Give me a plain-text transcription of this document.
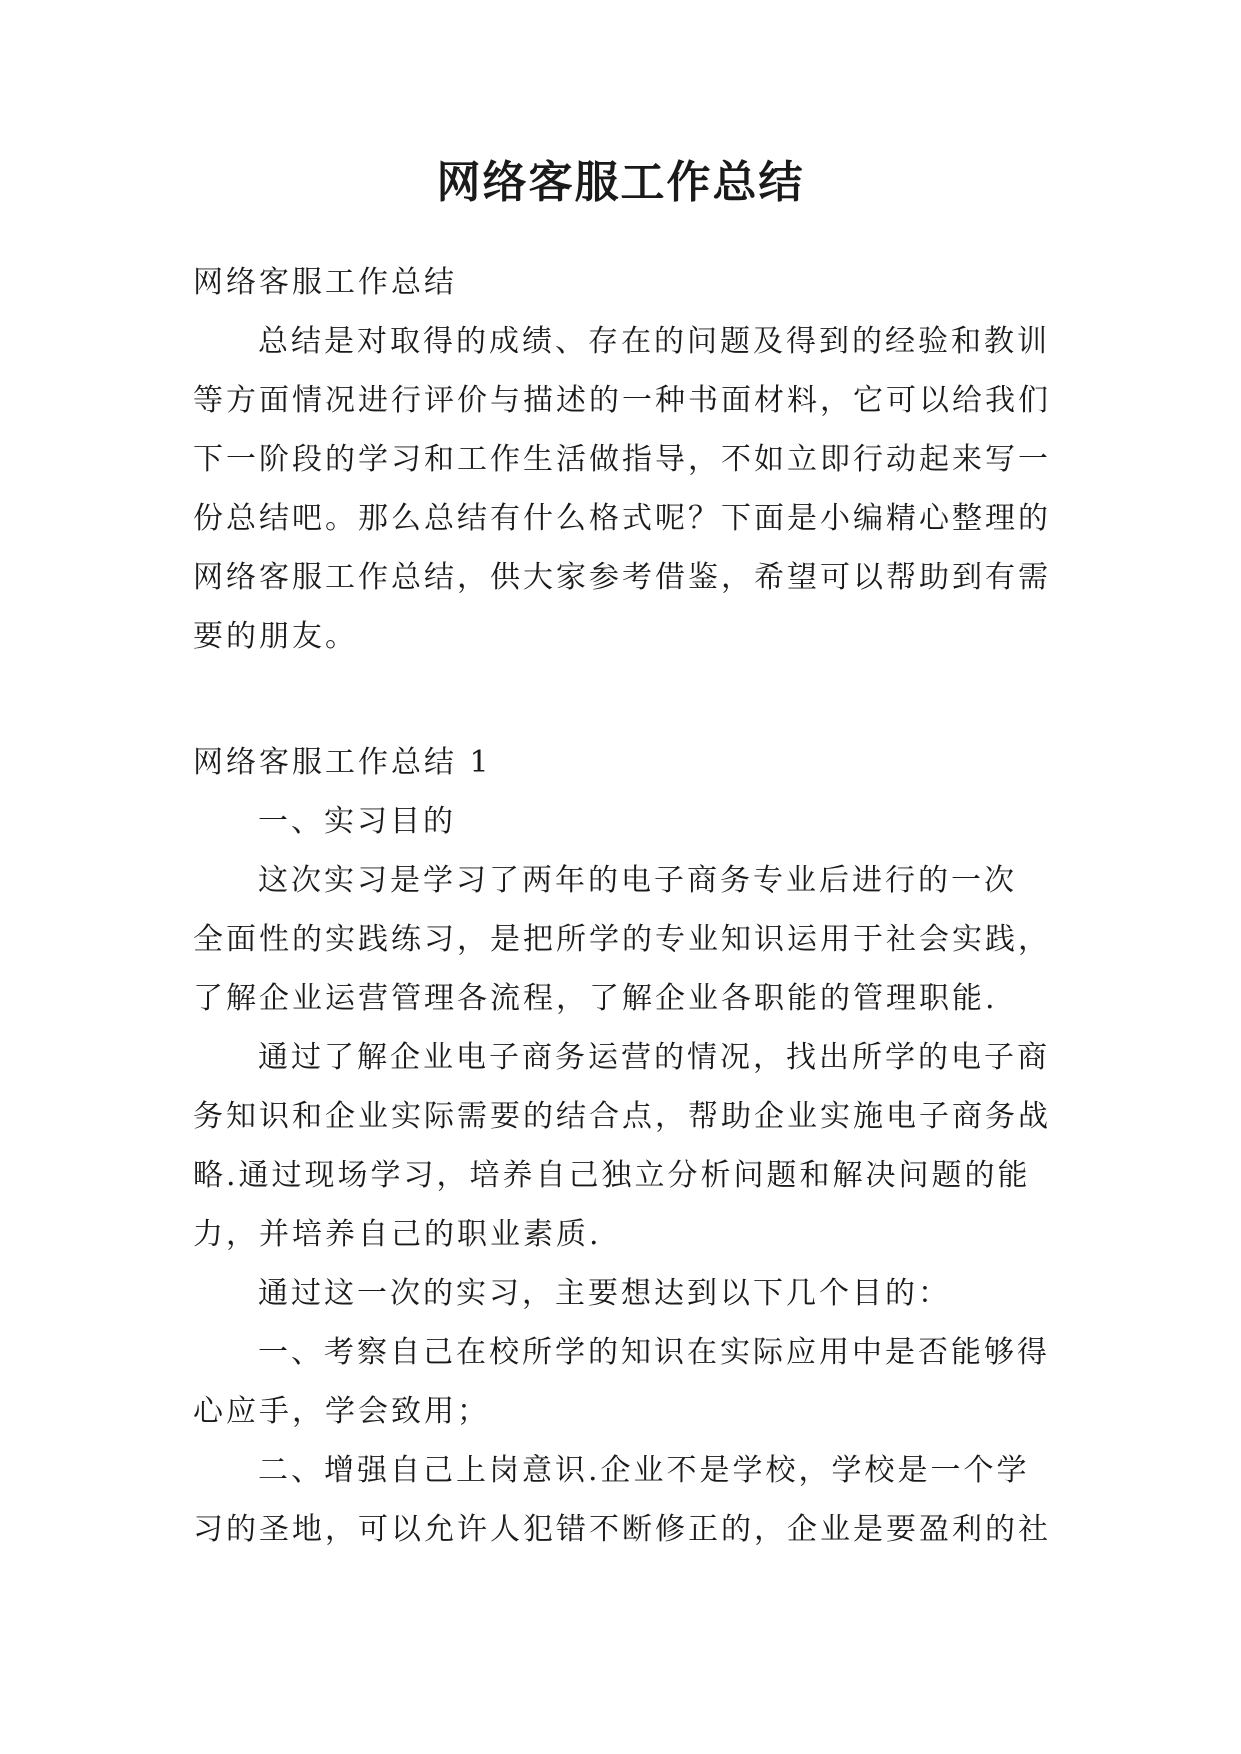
网络客服工作总结
网络客服工作总结
总结是对取得的成绩、存在的问题及得到的经验和教训
等方面情况进行评价与描述的一种书面材料，它可以给我们
下一阶段的学习和工作生活做指导，不如立即行动起来写一
份总结吧。那么总结有什么格式呢？下面是小编精心整理的
网络客服工作总结，供大家参考借鉴，希望可以帮助到有需
要的朋友。
网络客服工作总结 1
一、实习目的
这次实习是学习了两年的电子商务专业后进行的一次
全面性的实践练习，是把所学的专业知识运用于社会实践，
了解企业运营管理各流程，了解企业各职能的管理职能.
通过了解企业电子商务运营的情况，找出所学的电子商
务知识和企业实际需要的结合点，帮助企业实施电子商务战
略.通过现场学习，培养自己独立分析问题和解决问题的能
力，并培养自己的职业素质.
通过这一次的实习，主要想达到以下几个目的：
一、考察自己在校所学的知识在实际应用中是否能够得
心应手，学会致用；
二、增强自己上岗意识.企业不是学校，学校是一个学
习的圣地，可以允许人犯错不断修正的，企业是要盈利的社
